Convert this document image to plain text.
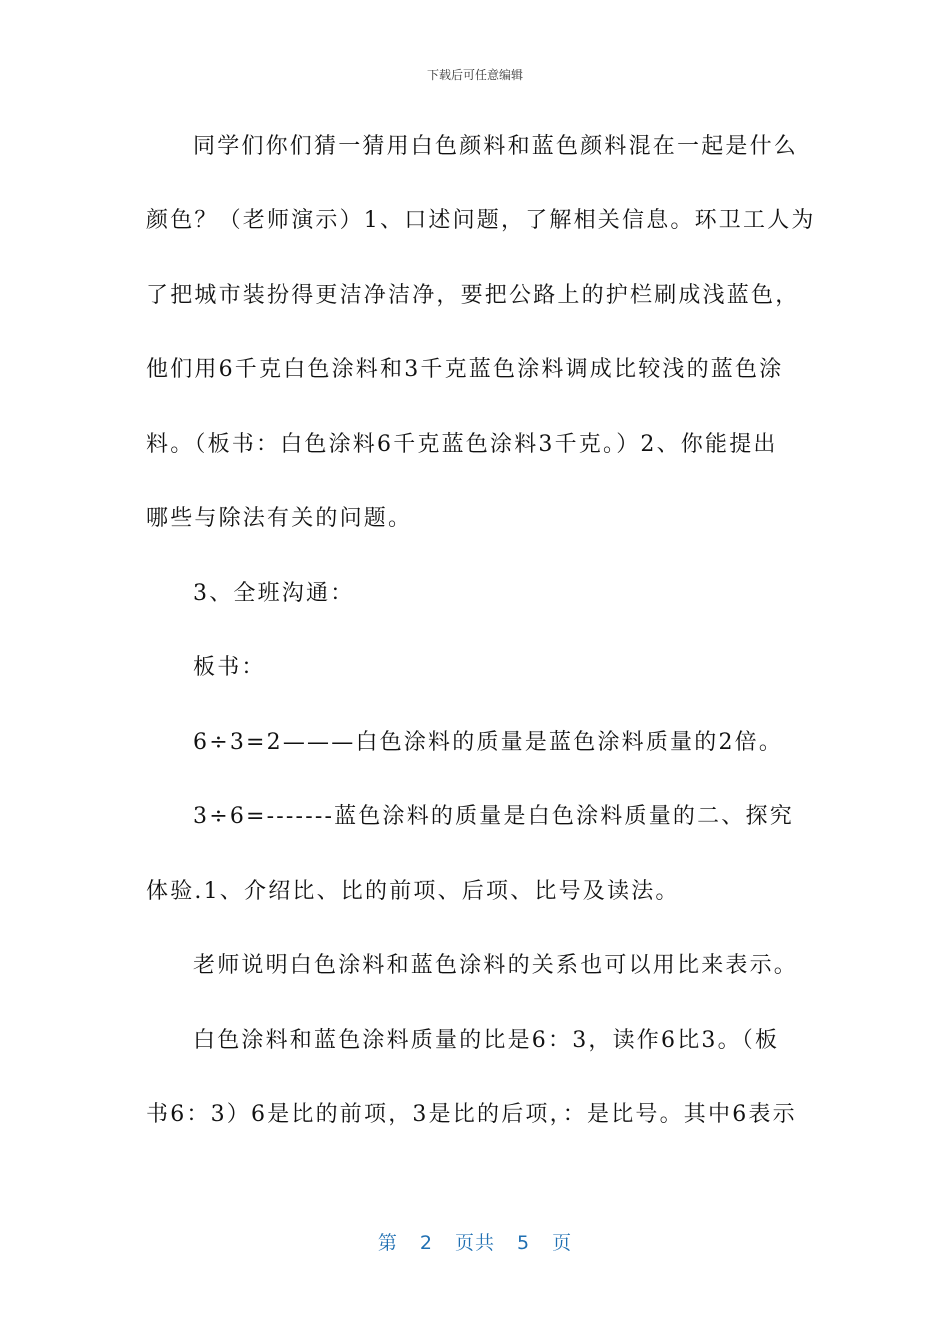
下载后可任意编辑
同学们你们猜一猜用白色颜料和蓝色颜料混在一起是什么
颜色？（老师演示）1、口述问题，了解相关信息。环卫工人为
了把城市装扮得更洁净洁净，要把公路上的护栏刷成浅蓝色，
他们用6千克白色涂料和3千克蓝色涂料调成比较浅的蓝色涂
料。（板书：白色涂料6千克蓝色涂料3千克。）2、你能提出
哪些与除法有关的问题。
3、全班沟通：
板书：
6÷3=2———白色涂料的质量是蓝色涂料质量的2倍。
3÷6=-------蓝色涂料的质量是白色涂料质量的二、探究
体验.1、介绍比、比的前项、后项、比号及读法。
老师说明白色涂料和蓝色涂料的关系也可以用比来表示。
白色涂料和蓝色涂料质量的比是6：3，读作6比3。（板
书6：3）6是比的前项，3是比的后项，：是比号。其中6表示
第 2 页共 5 页
